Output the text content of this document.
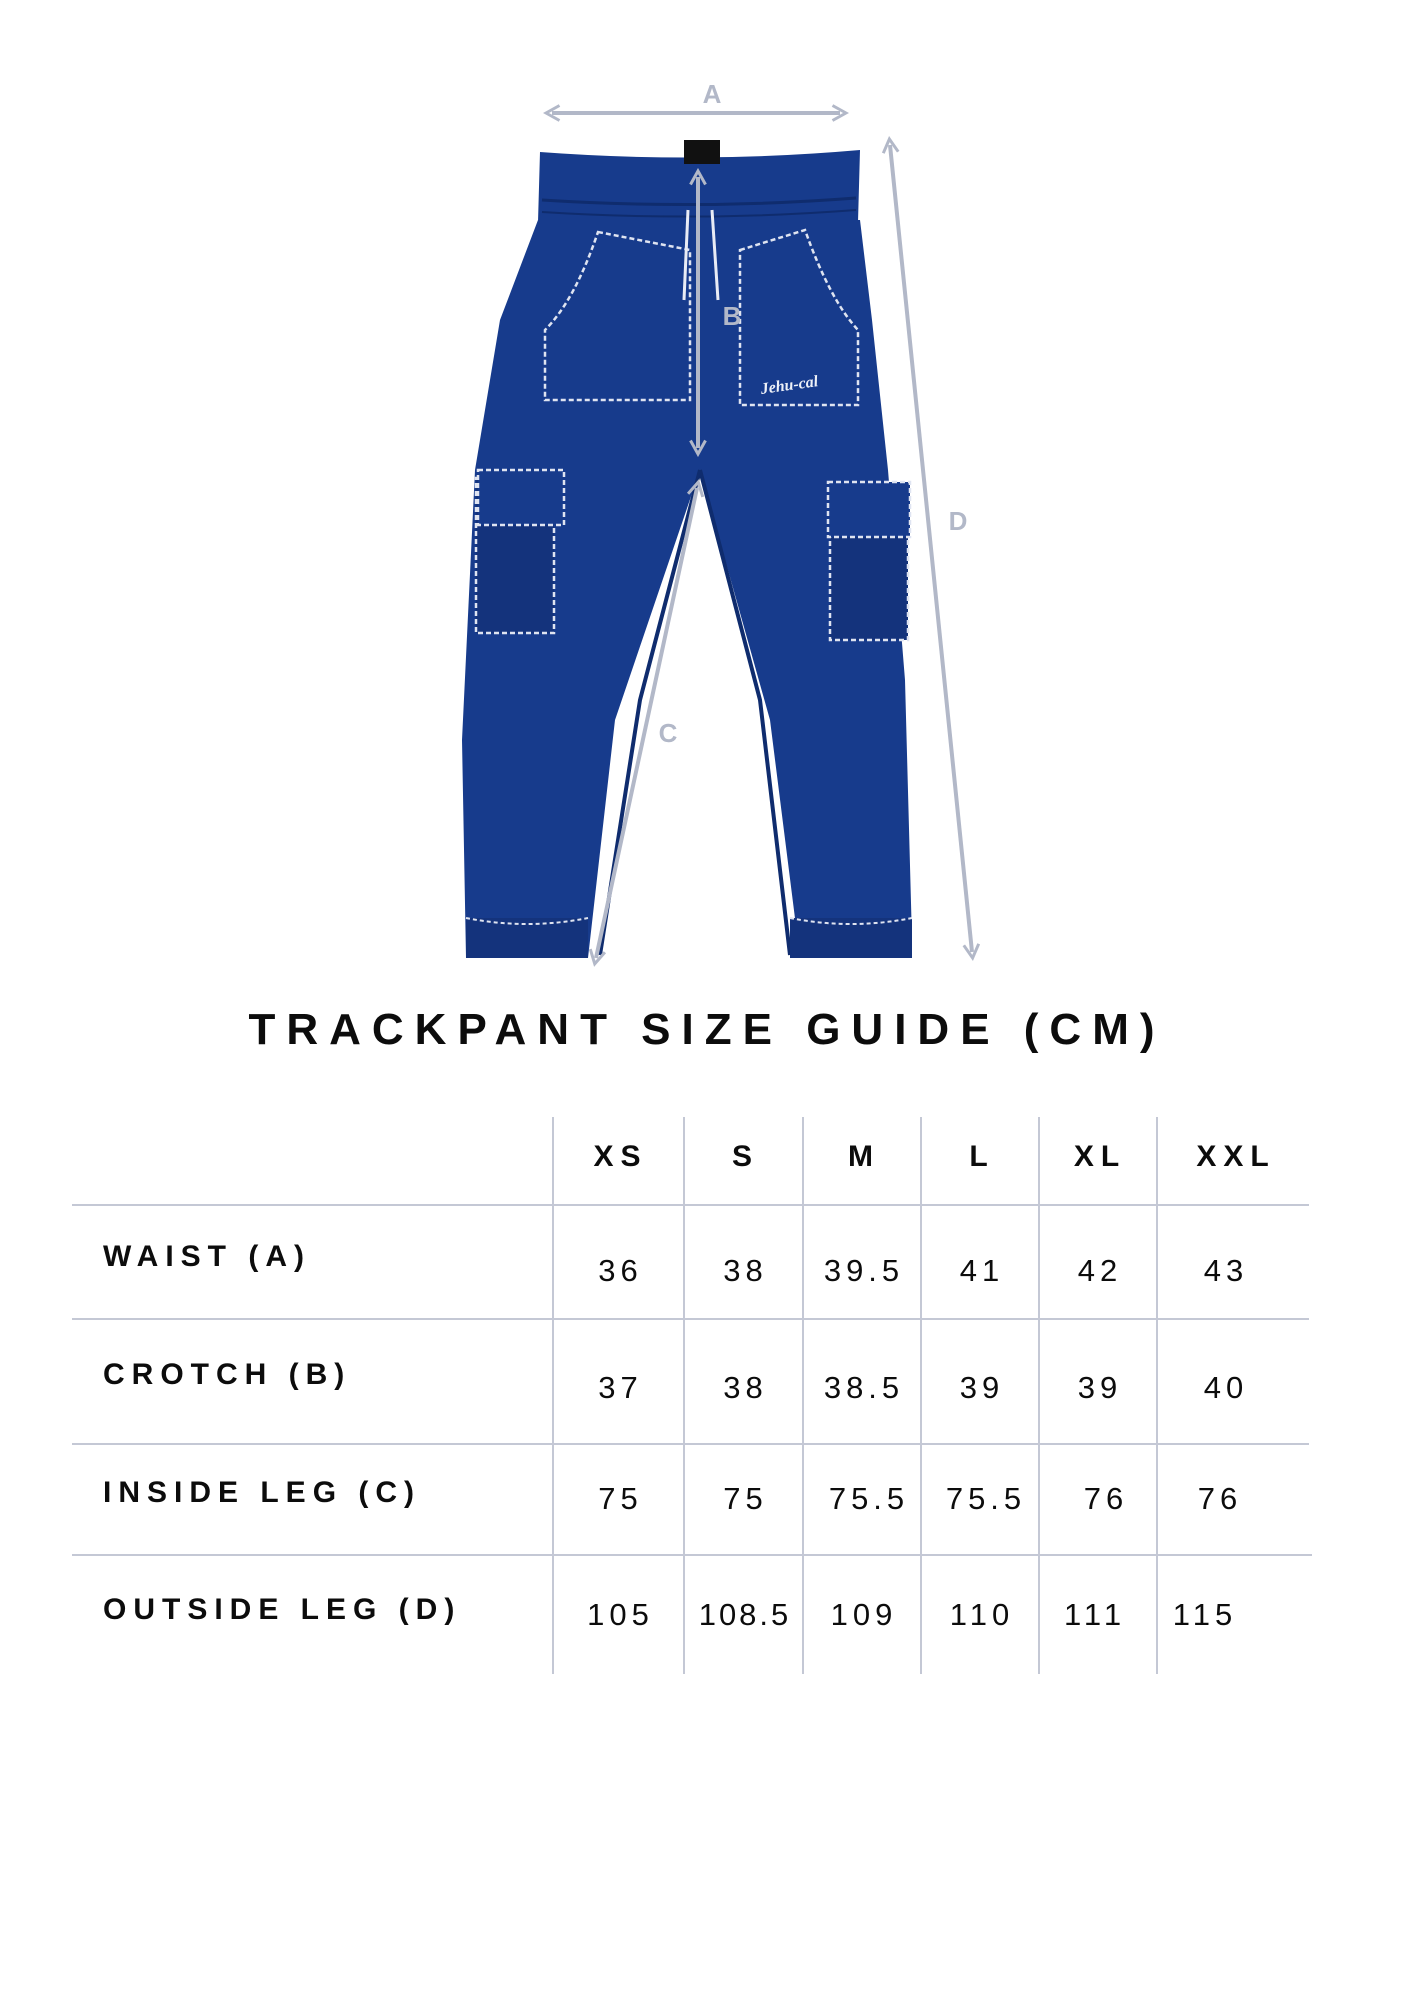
Jehu-cal
A
B
C
D
TRACKPANT SIZE GUIDE (CM)
XS	S	M	L	XL	XXL
WAIST (A)	36	38	39.5	41	42	43
CROTCH (B)	37	38	38.5	39	39	40
INSIDE LEG (C)	75	75	75.5	75.5	76	76
OUTSIDE LEG (D)	105	108.5	109	110	111	115
